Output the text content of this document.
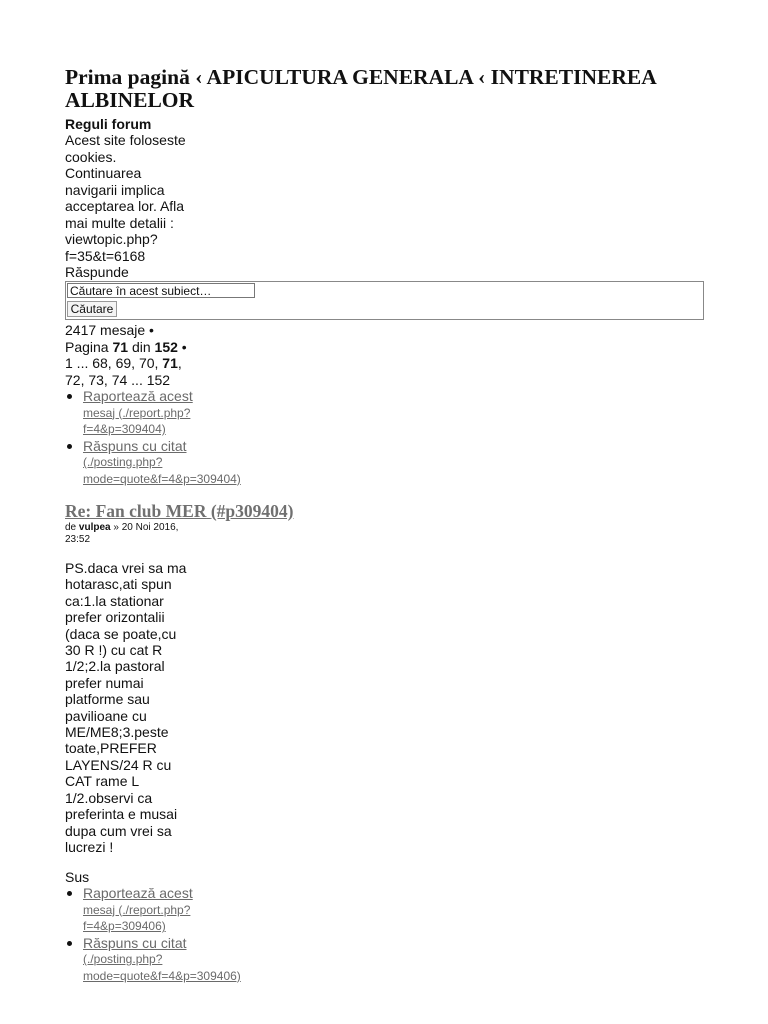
Prima pagină ‹ APICULTURA GENERALA ‹ INTRETINEREA ALBINELOR
Reguli forum
Acest site foloseste
cookies.
Continuarea
navigarii implica
acceptarea lor. Afla
mai multe detalii :
viewtopic.php?
f=35&t=6168
Răspunde
Căutare în acest subiect…
Căutare
2417 mesaje •
Pagina 71 din 152 •
1 ... 68, 69, 70, 71,
72, 73, 74 ... 152
Raportează acest
mesaj (./report.php?
f=4&p=309404)
Răspuns cu citat
(./posting.php?
mode=quote&f=4&p=309404)
Re: Fan club MER (#p309404)
de vulpea » 20 Noi 2016,
23:52
PS.daca vrei sa ma
hotarasc,ati spun
ca:1.la stationar
prefer orizontalii
(daca se poate,cu
30 R !) cu cat R
1/2;2.la pastoral
prefer numai
platforme sau
pavilioane cu
ME/ME8;3.peste
toate,PREFER
LAYENS/24 R cu
CAT rame L
1/2.observi ca
preferinta e musai
dupa cum vrei sa
lucrezi !
Sus
Raportează acest
mesaj (./report.php?
f=4&p=309406)
Răspuns cu citat
(./posting.php?
mode=quote&f=4&p=309406)
